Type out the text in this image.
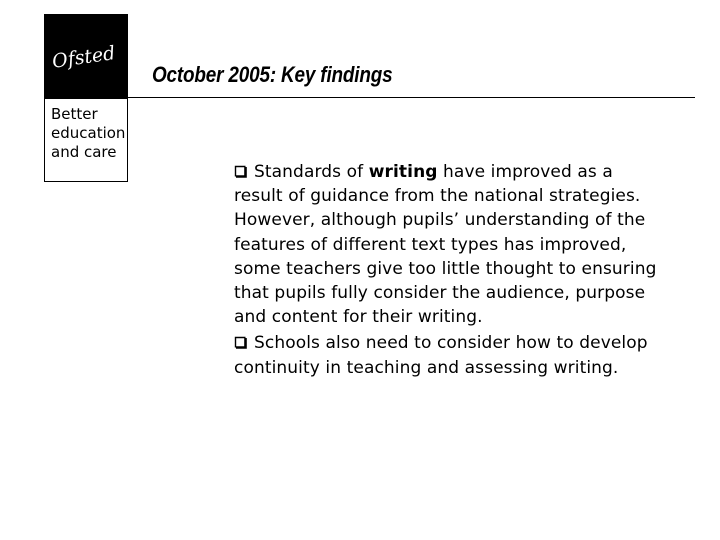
Ofsted
Better
education
and care
October 2005: Key findings

Standards of writing have improved as a result of guidance from the national strategies. However, although pupils’ understanding of the features of different text types has improved, some teachers give too little thought to ensuring that pupils fully consider the audience, purpose and content for their writing.

Schools also need to consider how to develop continuity in teaching and assessing writing.
